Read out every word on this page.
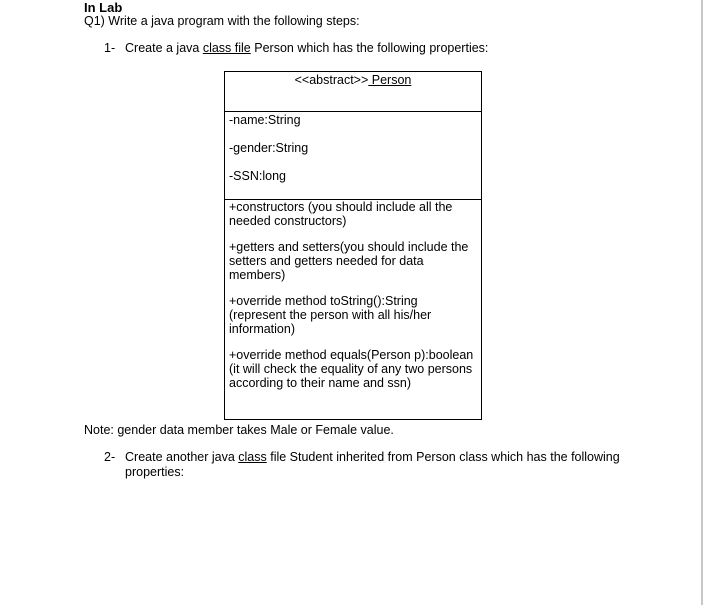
In Lab
Q1) Write a java program with the following steps:
1- Create a java class file Person which has the following properties:
<<abstract>> Person
-name:String
-gender:String
-SSN:long

+constructors (you should include all the needed constructors)

+getters and setters(you should include the setters and getters needed for data members)

+override method toString():String (represent the person with all his/her information)

+override method equals(Person p):boolean (it will check the equality of any two persons according to their name and ssn)

Note: gender data member takes Male or Female value.
2- Create another java class file Student inherited from Person class which has the following properties:
